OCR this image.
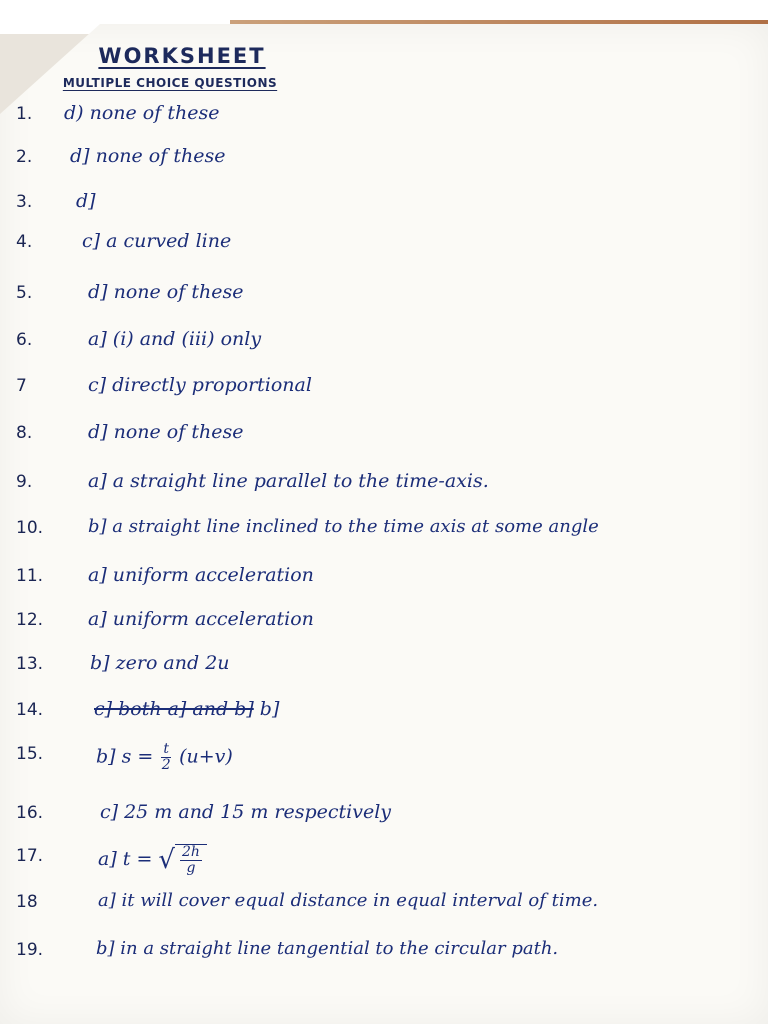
WORKSHEET
MULTIPLE CHOICE QUESTIONS
1.	d) none of these
2.	d] none of these
3.	d]
4.	c] a curved line
5.	d] none of these
6.	a] (i) and (iii) only
7	c] directly proportional
8.	d] none of these
9.	a] a straight line parallel to the time-axis.
10.	b] a straight line inclined to the time axis at some angle
11.	a] uniform acceleration
12.	a] uniform acceleration
13.	b] zero and 2u
14.	c] both a] and b] b]
15.	b] $s = \frac{t}{2} (u+v)$
16.	c] 25 m and 15 m respectively
17.	a] t = √ $\frac{2h}{g}$
18	a] it will cover equal distance in equal interval of time.
19.	b] in a straight line tangential to the circular path.
